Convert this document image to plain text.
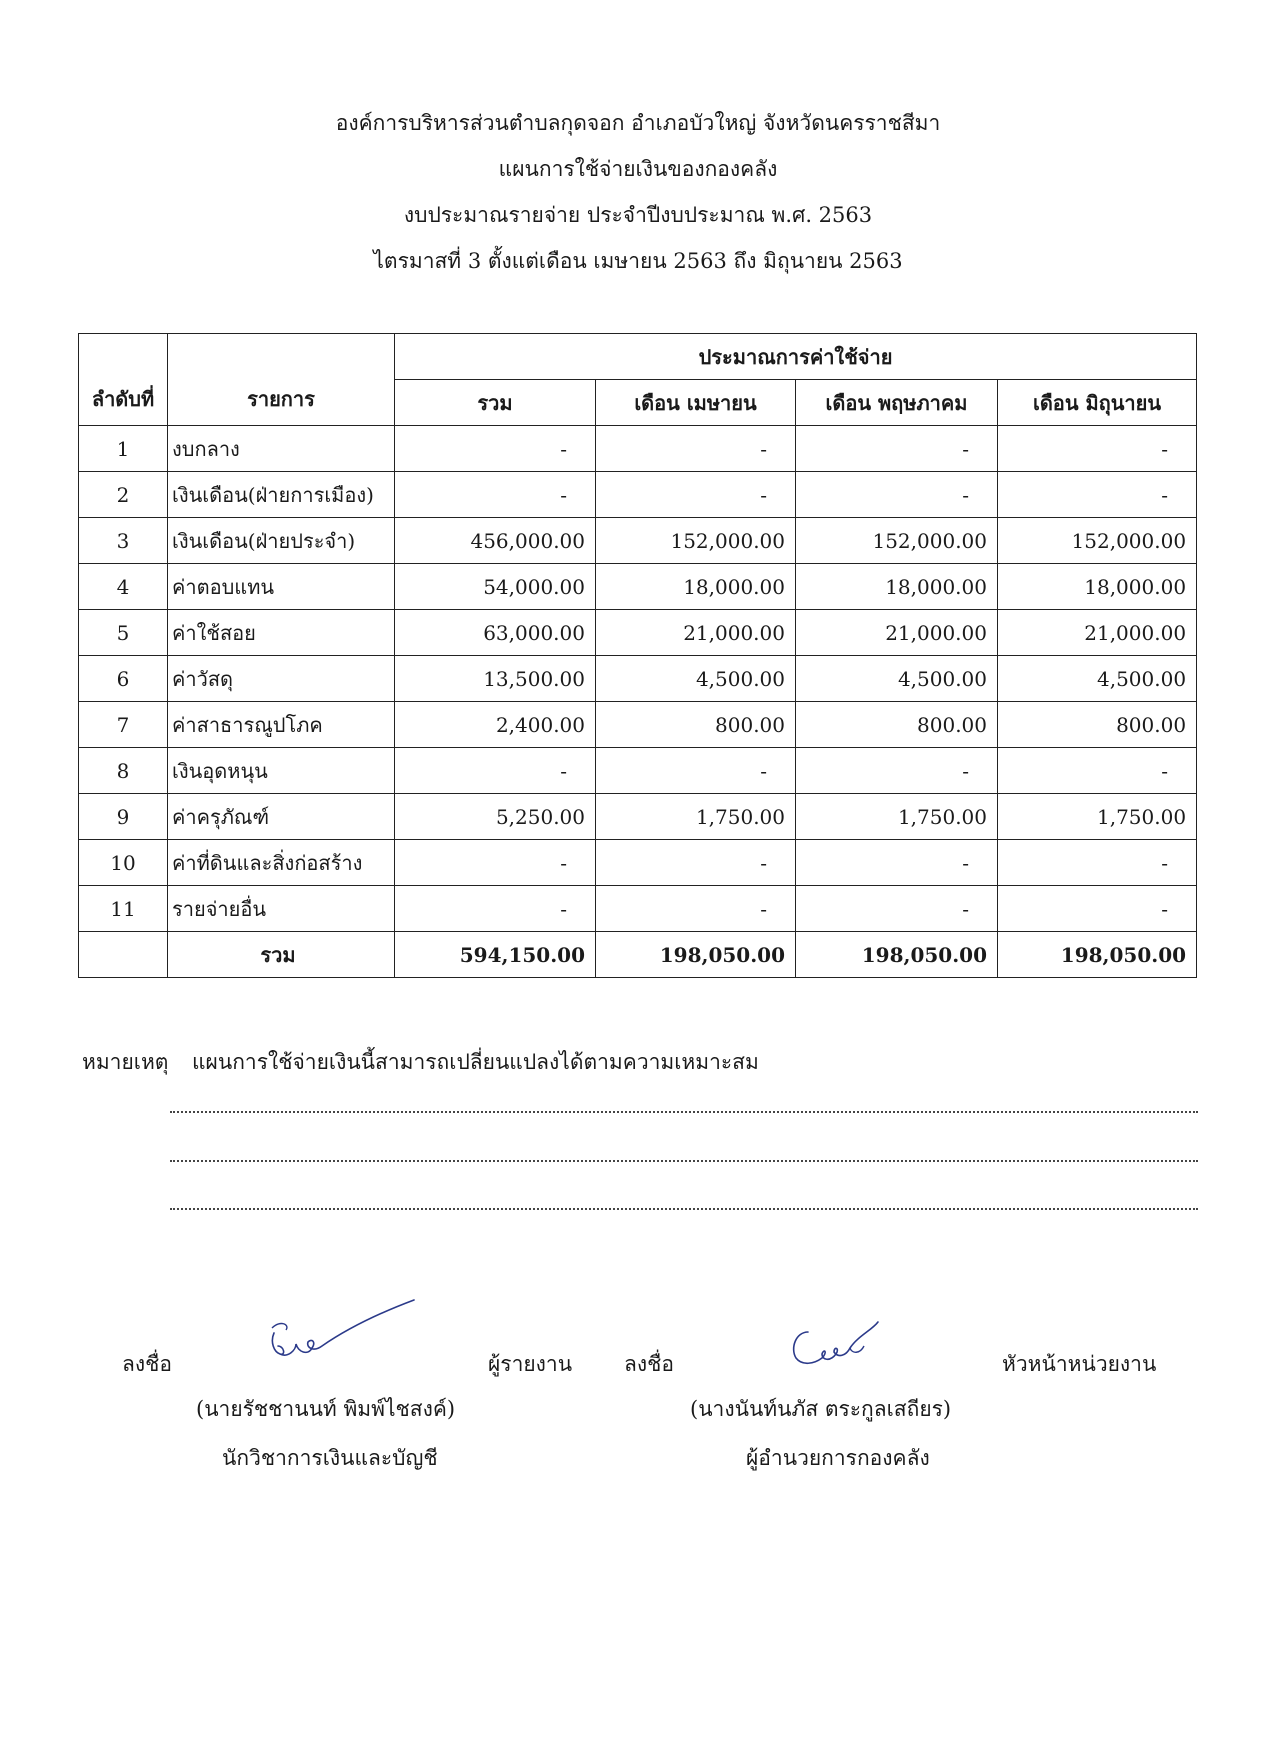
องค์การบริหารส่วนตำบลกุดจอก อำเภอบัวใหญ่ จังหวัดนครราชสีมา
แผนการใช้จ่ายเงินของกองคลัง
งบประมาณรายจ่าย ประจำปีงบประมาณ พ.ศ. 2563
ไตรมาสที่ 3 ตั้งแต่เดือน เมษายน 2563 ถึง มิถุนายน 2563
ลำดับที่	รายการ	ประมาณการค่าใช้จ่าย			
		รวม	เดือน เมษายน	เดือน พฤษภาคม	เดือน มิถุนายน
1	งบกลาง	-	-	-	-
2	เงินเดือน(ฝ่ายการเมือง)	-	-	-	-
3	เงินเดือน(ฝ่ายประจำ)	456,000.00	152,000.00	152,000.00	152,000.00
4	ค่าตอบแทน	54,000.00	18,000.00	18,000.00	18,000.00
5	ค่าใช้สอย	63,000.00	21,000.00	21,000.00	21,000.00
6	ค่าวัสดุ	13,500.00	4,500.00	4,500.00	4,500.00
7	ค่าสาธารณูปโภค	2,400.00	800.00	800.00	800.00
8	เงินอุดหนุน	-	-	-	-
9	ค่าครุภัณฑ์	5,250.00	1,750.00	1,750.00	1,750.00
10	ค่าที่ดินและสิ่งก่อสร้าง	-	-	-	-
11	รายจ่ายอื่น	-	-	-	-
	รวม	594,150.00	198,050.00	198,050.00	198,050.00
หมายเหตุ แผนการใช้จ่ายเงินนี้สามารถเปลี่ยนแปลงได้ตามความเหมาะสม
ลงชื่อ	ผู้รายงาน
(นายรัชชานนท์ พิมพ์ไชสงค์)
นักวิชาการเงินและบัญชี
ลงชื่อ	หัวหน้าหน่วยงาน
(นางนันท์นภัส ตระกูลเสถียร)
ผู้อำนวยการกองคลัง
